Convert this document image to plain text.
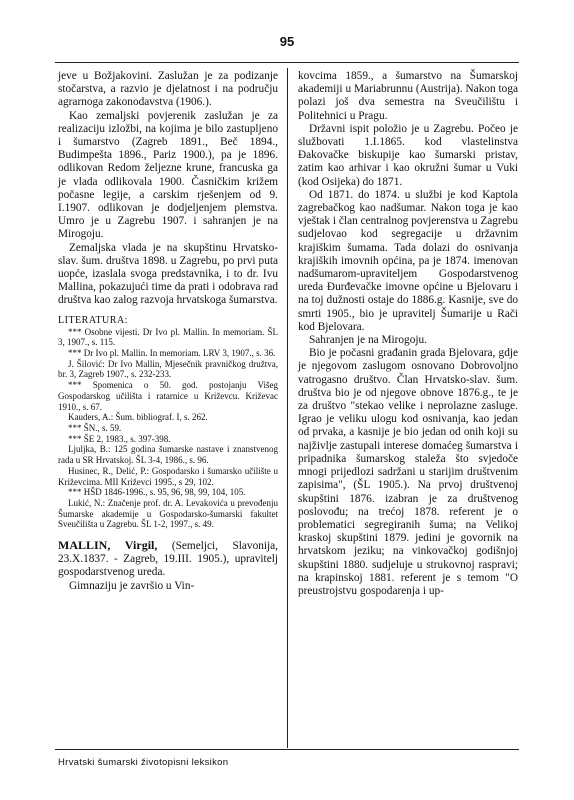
95

jeve u Božjakovini. Zaslužan je za podizanje stočarstva, a razvio je djelatnost i na području agrarnoga zakonodavstva (1906.).

Kao zemaljski povjerenik zaslužan je za realizaciju izložbi, na kojima je bilo zastupljeno i šumarstvo (Zagreb 1891., Beč 1894., Budimpešta 1896., Pariz 1900.), pa je 1896. odlikovan Redom željezne krune, francuska ga je vlada odlikovala 1900. Časničkim križem počasne legije, a carskim rješenjem od 9. I.1907. odlikovan je dodjeljenjem plemstva. Umro je u Zagrebu 1907. i sahranjen je na Mirogoju.

Zemaljska vlada je na skupštinu Hrvatsko-slav. šum. društva 1898. u Zagrebu, po prvi puta uopće, izaslala svoga predstavnika, i to dr. Ivu Mallina, pokazujući time da prati i odobrava rad društva kao zalog razvoja hrvatskoga šumarstva.

LITERATURA:

*** Osobne vijesti. Dr Ivo pl. Mallin. In memoriam. ŠL 3, 1907., s. 115.

*** Dr Ivo pl. Mallin. In memoriam. LRV 3, 1907., s. 36.

J. Šilović: Dr Ivo Mallin, Mjesečnik pravničkog družtva, br. 3, Zagreb 1907., s. 232-233.

*** Spomenica o 50. god. postojanju Višeg Gospodarskog učilišta i ratarnice u Križevcu. Križevac 1910., s. 67.

Kauders, A.: Šum. bibliograf. I, s. 262.

*** ŠN., s. 59.

*** ŠE 2, 1983., s. 397-398.

Ljuljka, B.: 125 godina šumarske nastave i znanstvenog rada u SR Hrvatskoj. ŠL 3-4, 1986., s. 96.

Husinec, R., Delić, P.: Gospodarsko i šumarsko učilište u Križevcima. MII Križevci 1995., s 29, 102.

*** HŠD 1846-1996., s. 95, 96, 98, 99, 104, 105.

Lukić, N.: Značenje prof. dr. A. Levakovića u prevođenju Šumarske akademije u Gospodarsko-šumarski fakultet Sveučilišta u Zagrebu. ŠL 1-2, 1997., s. 49.

MALLIN, Virgil, (Semeljci, Slavonija, 23.X.1837. - Zagreb, 19.III. 1905.), upravitelj gospodarstvenog ureda.

Gimnaziju je završio u Vin-

kovcima 1859., a šumarstvo na Šumarskoj akademiji u Mariabrunnu (Austrija). Nakon toga polazi još dva semestra na Sveučilištu i Politehnici u Pragu.

Državni ispit položio je u Zagrebu. Počeo je službovati 1.I.1865. kod vlastelinstva Đakovačke biskupije kao šumarski pristav, zatim kao arhivar i kao okružni šumar u Vuki (kod Osijeka) do 1871.

Od 1871. do 1874. u službi je kod Kaptola zagrebačkog kao nadšumar. Nakon toga je kao vještak i član centralnog povjerenstva u Zagrebu sudjelovao kod segregacije u državnim krajiškim šumama. Tada dolazi do osnivanja krajiških imovnih općina, pa je 1874. imenovan nadšumarom-upraviteljem Gospodarstvenog ureda Đurđevačke imovne općine u Bjelovaru i na toj dužnosti ostaje do 1886.g. Kasnije, sve do smrti 1905., bio je upravitelj Šumarije u Rači kod Bjelovara.

Sahranjen je na Mirogoju.

Bio je počasni građanin grada Bjelovara, gdje je njegovom zaslugom osnovano Dobrovoljno vatrogasno društvo. Član Hrvatsko-slav. šum. društva bio je od njegove obnove 1876.g., te je za društvo "stekao velike i neprolazne zasluge. Igrao je veliku ulogu kod osnivanja, kao jedan od prvaka, a kasnije je bio jedan od onih koji su najživlje zastupali interese domaćeg šumarstva i pripadnika šumarskog staleža što svjedoče mnogi prijedlozi sadržani u starijim društvenim zapisima", (ŠL 1905.). Na prvoj društvenoj skupštini 1876. izabran je za društvenog poslovođu; na trećoj 1878. referent je o problematici segregiranih šuma; na Velikoj kraskoj skupštini 1879. jedini je govornik na hrvatskom jeziku; na vinkovačkoj godišnjoj skupštini 1880. sudjeluje u strukovnoj raspravi; na krapinskoj 1881. referent je s temom "O preustrojstvu gospodarenja i up-

Hrvatski šumarski životopisni leksikon
